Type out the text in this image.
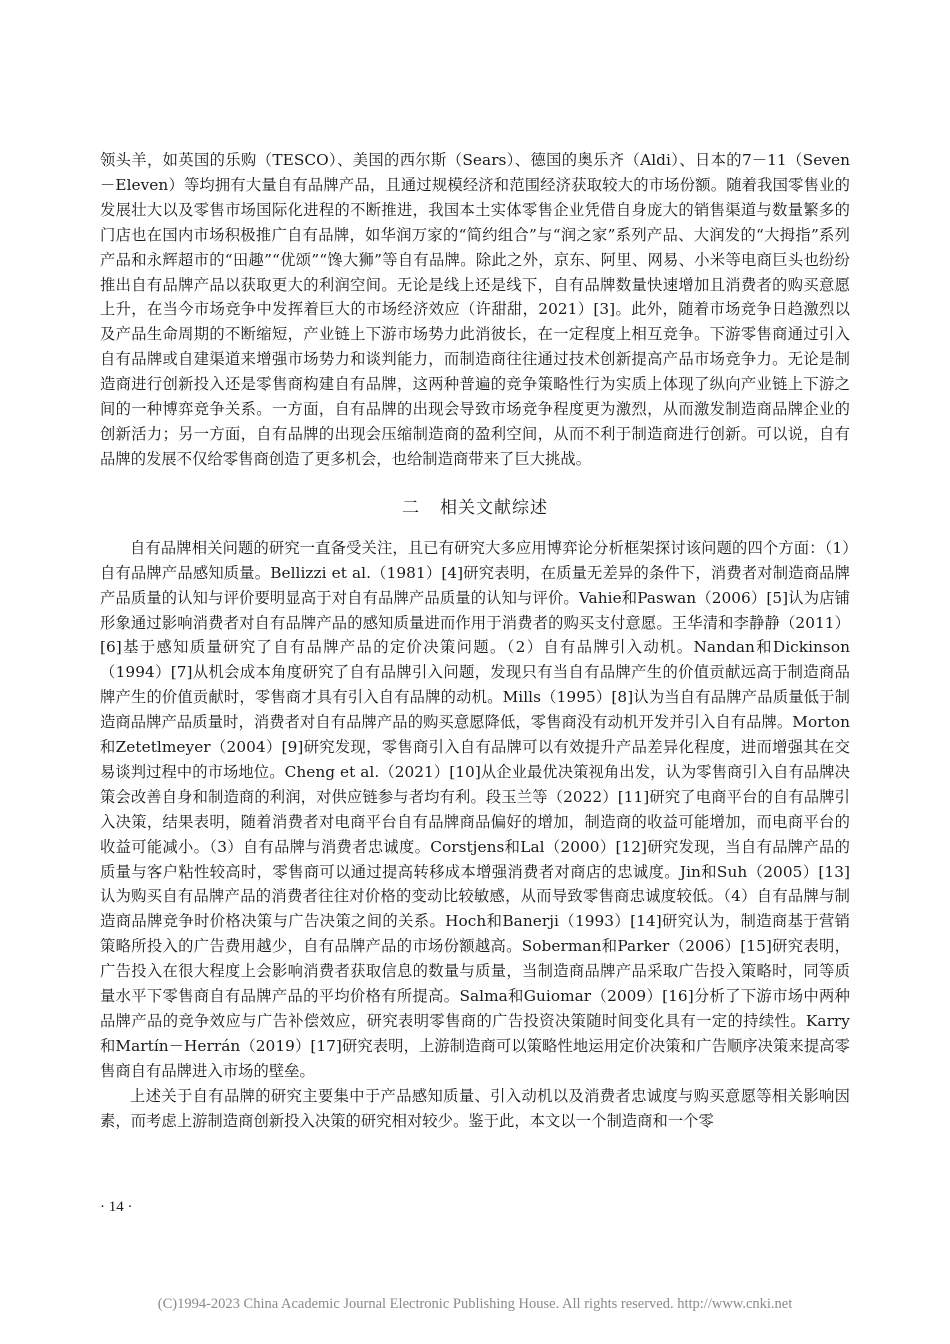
领头羊，如英国的乐购（TESCO）、美国的西尔斯（Sears）、德国的奥乐齐（Aldi）、日本的7－11（Seven－Eleven）等均拥有大量自有品牌产品，且通过规模经济和范围经济获取较大的市场份额。随着我国零售业的发展壮大以及零售市场国际化进程的不断推进，我国本土实体零售企业凭借自身庞大的销售渠道与数量繁多的门店也在国内市场积极推广自有品牌，如华润万家的“简约组合”与“润之家”系列产品、大润发的“大拇指”系列产品和永辉超市的“田趣”“优颂”“馋大狮”等自有品牌。除此之外，京东、阿里、网易、小米等电商巨头也纷纷推出自有品牌产品以获取更大的利润空间。无论是线上还是线下，自有品牌数量快速增加且消费者的购买意愿上升，在当今市场竞争中发挥着巨大的市场经济效应（许甜甜，2021）[3]。此外，随着市场竞争日趋激烈以及产品生命周期的不断缩短，产业链上下游市场势力此消彼长，在一定程度上相互竞争。下游零售商通过引入自有品牌或自建渠道来增强市场势力和谈判能力，而制造商往往通过技术创新提高产品市场竞争力。无论是制造商进行创新投入还是零售商构建自有品牌，这两种普遍的竞争策略性行为实质上体现了纵向产业链上下游之间的一种博弈竞争关系。一方面，自有品牌的出现会导致市场竞争程度更为激烈，从而激发制造商品牌企业的创新活力；另一方面，自有品牌的出现会压缩制造商的盈利空间，从而不利于制造商进行创新。可以说，自有品牌的发展不仅给零售商创造了更多机会，也给制造商带来了巨大挑战。

二 相关文献综述

自有品牌相关问题的研究一直备受关注，且已有研究大多应用博弈论分析框架探讨该问题的四个方面：（1）自有品牌产品感知质量。Bellizzi et al.（1981）[4]研究表明，在质量无差异的条件下，消费者对制造商品牌产品质量的认知与评价要明显高于对自有品牌产品质量的认知与评价。Vahie和Paswan（2006）[5]认为店铺形象通过影响消费者对自有品牌产品的感知质量进而作用于消费者的购买支付意愿。王华清和李静静（2011）[6]基于感知质量研究了自有品牌产品的定价决策问题。（2）自有品牌引入动机。Nandan和Dickinson（1994）[7]从机会成本角度研究了自有品牌引入问题，发现只有当自有品牌产生的价值贡献远高于制造商品牌产生的价值贡献时，零售商才具有引入自有品牌的动机。Mills（1995）[8]认为当自有品牌产品质量低于制造商品牌产品质量时，消费者对自有品牌产品的购买意愿降低，零售商没有动机开发并引入自有品牌。Morton和Zetetlmeyer（2004）[9]研究发现，零售商引入自有品牌可以有效提升产品差异化程度，进而增强其在交易谈判过程中的市场地位。Cheng et al.（2021）[10]从企业最优决策视角出发，认为零售商引入自有品牌决策会改善自身和制造商的利润，对供应链参与者均有利。段玉兰等（2022）[11]研究了电商平台的自有品牌引入决策，结果表明，随着消费者对电商平台自有品牌商品偏好的增加，制造商的收益可能增加，而电商平台的收益可能减小。（3）自有品牌与消费者忠诚度。Corstjens和Lal（2000）[12]研究发现，当自有品牌产品的质量与客户粘性较高时，零售商可以通过提高转移成本增强消费者对商店的忠诚度。Jin和Suh（2005）[13]认为购买自有品牌产品的消费者往往对价格的变动比较敏感，从而导致零售商忠诚度较低。（4）自有品牌与制造商品牌竞争时价格决策与广告决策之间的关系。Hoch和Banerji（1993）[14]研究认为，制造商基于营销策略所投入的广告费用越少，自有品牌产品的市场份额越高。Soberman和Parker（2006）[15]研究表明，广告投入在很大程度上会影响消费者获取信息的数量与质量，当制造商品牌产品采取广告投入策略时，同等质量水平下零售商自有品牌产品的平均价格有所提高。Salma和Guiomar（2009）[16]分析了下游市场中两种品牌产品的竞争效应与广告补偿效应，研究表明零售商的广告投资决策随时间变化具有一定的持续性。Karry和Martín－Herrán（2019）[17]研究表明，上游制造商可以策略性地运用定价决策和广告顺序决策来提高零售商自有品牌进入市场的壁垒。

上述关于自有品牌的研究主要集中于产品感知质量、引入动机以及消费者忠诚度与购买意愿等相关影响因素，而考虑上游制造商创新投入决策的研究相对较少。鉴于此，本文以一个制造商和一个零

· 14 ·
(C)1994-2023 China Academic Journal Electronic Publishing House. All rights reserved. http://www.cnki.net
